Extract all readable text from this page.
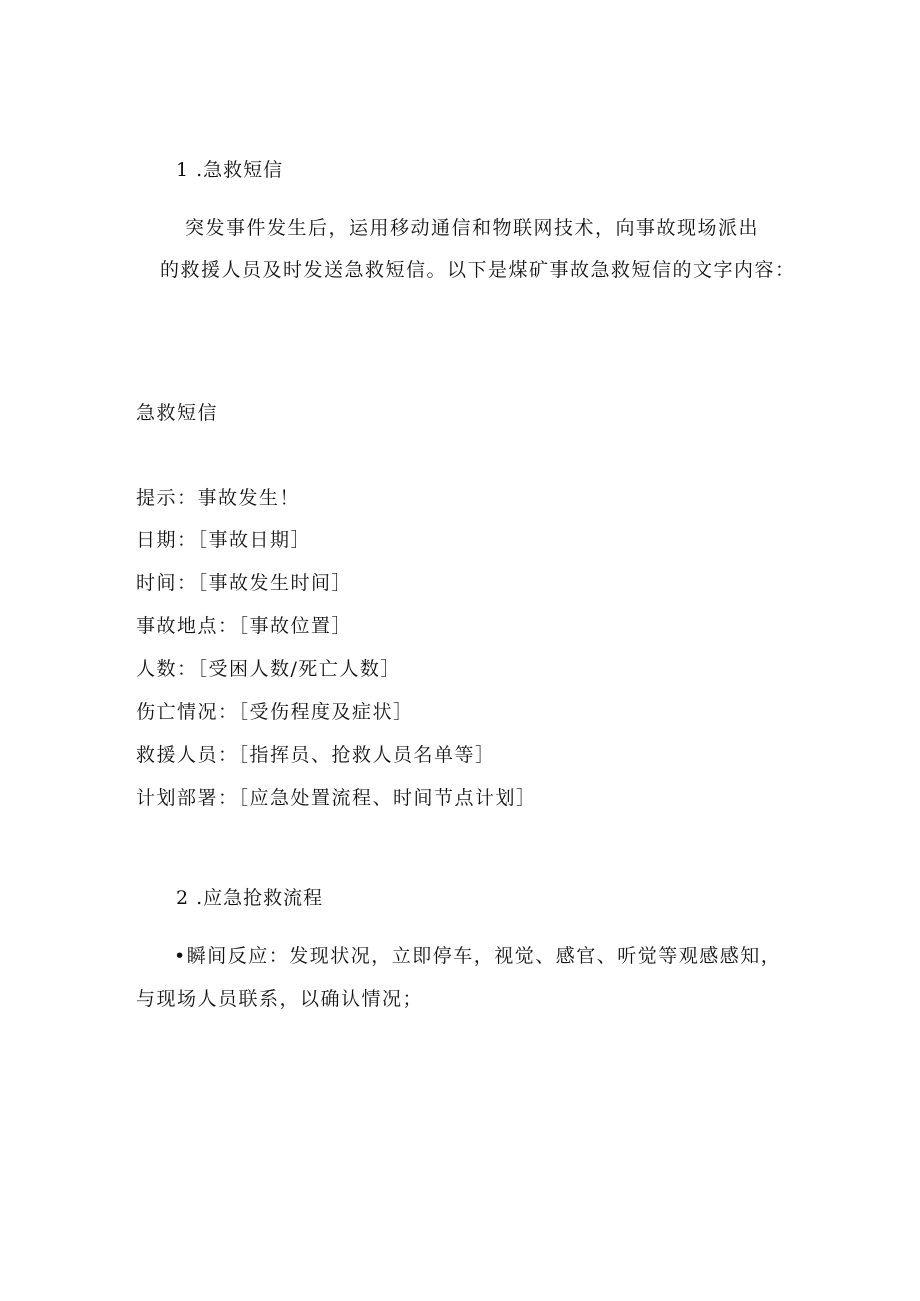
1 .急救短信

突发事件发生后，运用移动通信和物联网技术，向事故现场派出

的救援人员及时发送急救短信。以下是煤矿事故急救短信的文字内容：

急救短信

提示：事故发生！

日期：［事故日期］

时间：［事故发生时间］

事故地点：［事故位置］

人数：［受困人数/死亡人数］

伤亡情况：［受伤程度及症状］

救援人员：［指挥员、抢救人员名单等］

计划部署：［应急处置流程、时间节点计划］

2 .应急抢救流程

•瞬间反应：发现状况，立即停车，视觉、感官、听觉等观感感知，

与现场人员联系，以确认情况；
